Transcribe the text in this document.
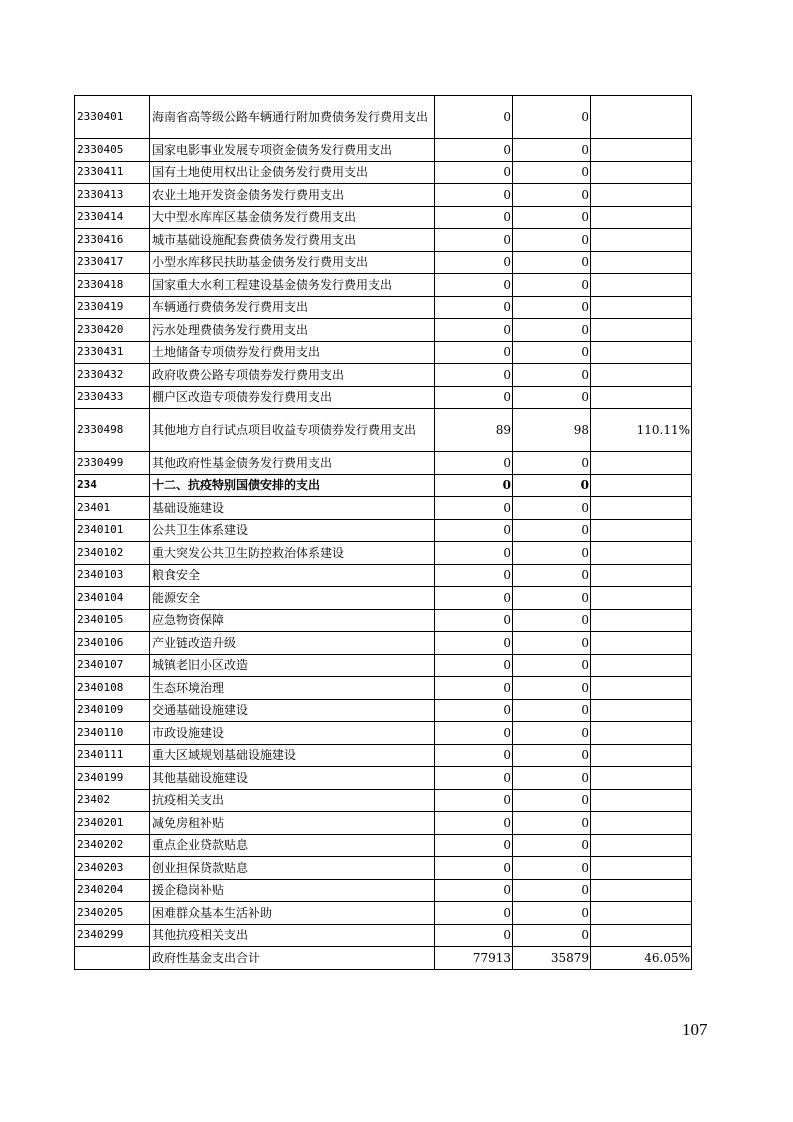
2330401	海南省高等级公路车辆通行附加费债务发行费用支出	0	0	
2330405	国家电影事业发展专项资金债务发行费用支出	0	0	
2330411	国有土地使用权出让金债务发行费用支出	0	0	
2330413	农业土地开发资金债务发行费用支出	0	0	
2330414	大中型水库库区基金债务发行费用支出	0	0	
2330416	城市基础设施配套费债务发行费用支出	0	0	
2330417	小型水库移民扶助基金债务发行费用支出	0	0	
2330418	国家重大水利工程建设基金债务发行费用支出	0	0	
2330419	车辆通行费债务发行费用支出	0	0	
2330420	污水处理费债务发行费用支出	0	0	
2330431	土地储备专项债券发行费用支出	0	0	
2330432	政府收费公路专项债券发行费用支出	0	0	
2330433	棚户区改造专项债券发行费用支出	0	0	
2330498	其他地方自行试点项目收益专项债券发行费用支出	89	98	110.11%
2330499	其他政府性基金债务发行费用支出	0	0	
234	十二、抗疫特别国债安排的支出	0	0	
23401	基础设施建设	0	0	
2340101	公共卫生体系建设	0	0	
2340102	重大突发公共卫生防控救治体系建设	0	0	
2340103	粮食安全	0	0	
2340104	能源安全	0	0	
2340105	应急物资保障	0	0	
2340106	产业链改造升级	0	0	
2340107	城镇老旧小区改造	0	0	
2340108	生态环境治理	0	0	
2340109	交通基础设施建设	0	0	
2340110	市政设施建设	0	0	
2340111	重大区域规划基础设施建设	0	0	
2340199	其他基础设施建设	0	0	
23402	抗疫相关支出	0	0	
2340201	减免房租补贴	0	0	
2340202	重点企业贷款贴息	0	0	
2340203	创业担保贷款贴息	0	0	
2340204	援企稳岗补贴	0	0	
2340205	困难群众基本生活补助	0	0	
2340299	其他抗疫相关支出	0	0	
	政府性基金支出合计	77913	35879	46.05%
107
